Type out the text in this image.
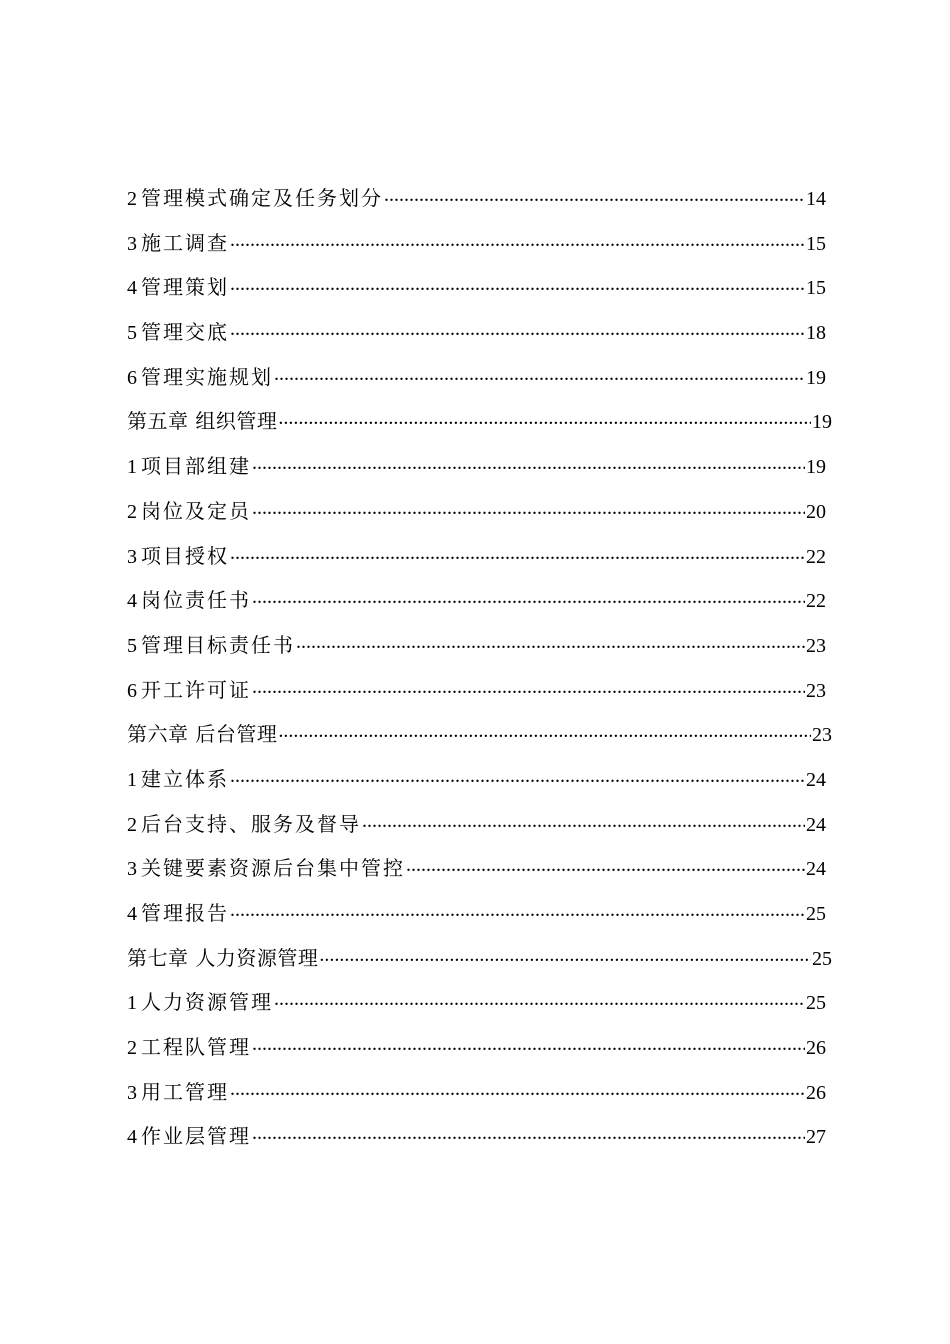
2 管理模式确定及任务划分 .....	14
3 施工调查 .....	15
4 管理策划 .....	15
5 管理交底 .....	18
6 管理实施规划 .....	19
第五章 组织管理 .....	19
1 项目部组建 .....	19
2 岗位及定员 .....	20
3 项目授权 .....	22
4 岗位责任书 .....	22
5 管理目标责任书 .....	23
6 开工许可证 .....	23
第六章 后台管理 .....	23
1 建立体系 .....	24
2 后台支持、服务及督导 .....	24
3 关键要素资源后台集中管控 .....	24
4 管理报告 .....	25
第七章 人力资源管理 .....	25
1 人力资源管理 .....	25
2 工程队管理 .....	26
3 用工管理 .....	26
4 作业层管理 .....	27
